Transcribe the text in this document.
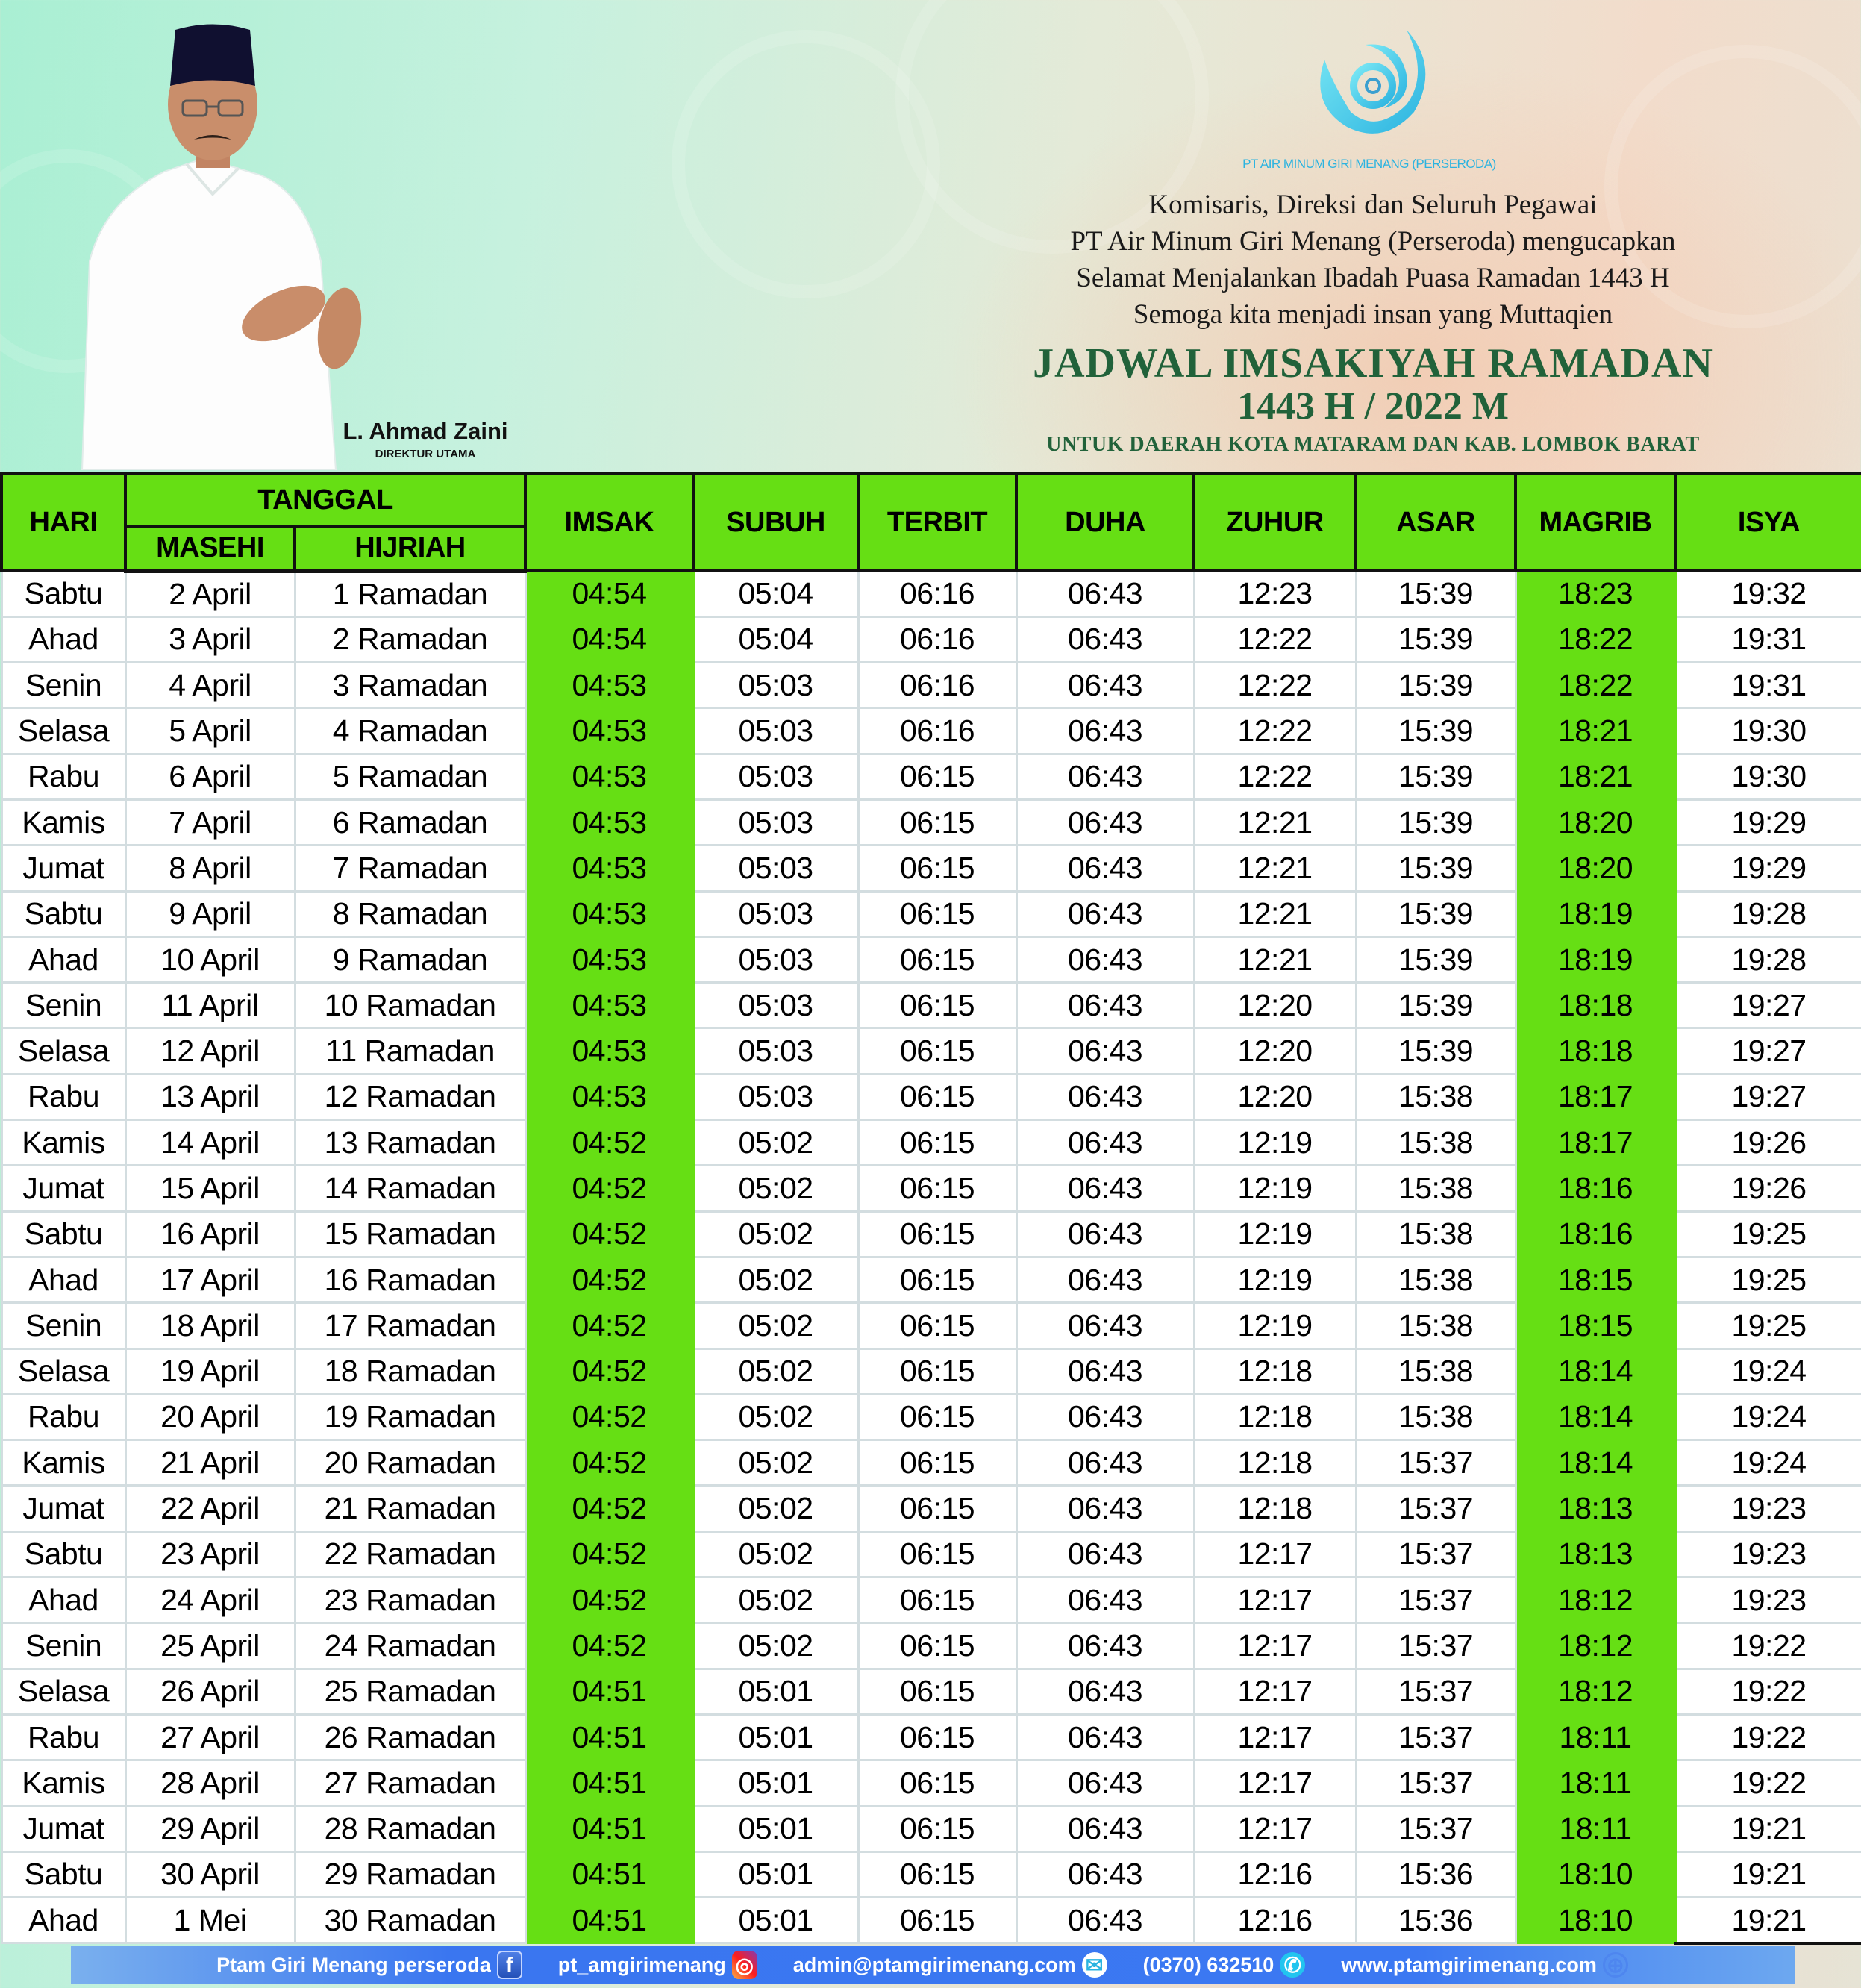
L. Ahmad Zaini
DIREKTUR UTAMA
PT AIR MINUM GIRI MENANG (PERSERODA)
Komisaris, Direksi dan Seluruh Pegawai
PT Air Minum Giri Menang (Perseroda) mengucapkan
Selamat Menjalankan Ibadah Puasa Ramadan 1443 H
Semoga kita menjadi insan yang Muttaqien
JADWAL IMSAKIYAH RAMADAN
1443 H / 2022 M
UNTUK DAERAH KOTA MATARAM DAN KAB. LOMBOK BARAT
HARI	TANGGAL		IMSAK	SUBUH	TERBIT	DUHA	ZUHUR	ASAR	MAGRIB	ISYA
	MASEHI	HIJRIAH								
Sabtu	2 April	1 Ramadan	04:54	05:04	06:16	06:43	12:23	15:39	18:23	19:32
Ahad	3 April	2 Ramadan	04:54	05:04	06:16	06:43	12:22	15:39	18:22	19:31
Senin	4 April	3 Ramadan	04:53	05:03	06:16	06:43	12:22	15:39	18:22	19:31
Selasa	5 April	4 Ramadan	04:53	05:03	06:16	06:43	12:22	15:39	18:21	19:30
Rabu	6 April	5 Ramadan	04:53	05:03	06:15	06:43	12:22	15:39	18:21	19:30
Kamis	7 April	6 Ramadan	04:53	05:03	06:15	06:43	12:21	15:39	18:20	19:29
Jumat	8 April	7 Ramadan	04:53	05:03	06:15	06:43	12:21	15:39	18:20	19:29
Sabtu	9 April	8 Ramadan	04:53	05:03	06:15	06:43	12:21	15:39	18:19	19:28
Ahad	10 April	9 Ramadan	04:53	05:03	06:15	06:43	12:21	15:39	18:19	19:28
Senin	11 April	10 Ramadan	04:53	05:03	06:15	06:43	12:20	15:39	18:18	19:27
Selasa	12 April	11 Ramadan	04:53	05:03	06:15	06:43	12:20	15:39	18:18	19:27
Rabu	13 April	12 Ramadan	04:53	05:03	06:15	06:43	12:20	15:38	18:17	19:27
Kamis	14 April	13 Ramadan	04:52	05:02	06:15	06:43	12:19	15:38	18:17	19:26
Jumat	15 April	14 Ramadan	04:52	05:02	06:15	06:43	12:19	15:38	18:16	19:26
Sabtu	16 April	15 Ramadan	04:52	05:02	06:15	06:43	12:19	15:38	18:16	19:25
Ahad	17 April	16 Ramadan	04:52	05:02	06:15	06:43	12:19	15:38	18:15	19:25
Senin	18 April	17 Ramadan	04:52	05:02	06:15	06:43	12:19	15:38	18:15	19:25
Selasa	19 April	18 Ramadan	04:52	05:02	06:15	06:43	12:18	15:38	18:14	19:24
Rabu	20 April	19 Ramadan	04:52	05:02	06:15	06:43	12:18	15:38	18:14	19:24
Kamis	21 April	20 Ramadan	04:52	05:02	06:15	06:43	12:18	15:37	18:14	19:24
Jumat	22 April	21 Ramadan	04:52	05:02	06:15	06:43	12:18	15:37	18:13	19:23
Sabtu	23 April	22 Ramadan	04:52	05:02	06:15	06:43	12:17	15:37	18:13	19:23
Ahad	24 April	23 Ramadan	04:52	05:02	06:15	06:43	12:17	15:37	18:12	19:23
Senin	25 April	24 Ramadan	04:52	05:02	06:15	06:43	12:17	15:37	18:12	19:22
Selasa	26 April	25 Ramadan	04:51	05:01	06:15	06:43	12:17	15:37	18:12	19:22
Rabu	27 April	26 Ramadan	04:51	05:01	06:15	06:43	12:17	15:37	18:11	19:22
Kamis	28 April	27 Ramadan	04:51	05:01	06:15	06:43	12:17	15:37	18:11	19:22
Jumat	29 April	28 Ramadan	04:51	05:01	06:15	06:43	12:17	15:37	18:11	19:21
Sabtu	30 April	29 Ramadan	04:51	05:01	06:15	06:43	12:16	15:36	18:10	19:21
Ahad	1 Mei	30 Ramadan	04:51	05:01	06:15	06:43	12:16	15:36	18:10	19:21
Ptam Giri Menang perseroda f	pt_amgirimenang ◎ admin@ptamgirimenang.com ✉ (0370) 632510 ✆ www.ptamgirimenang.com ⊕
